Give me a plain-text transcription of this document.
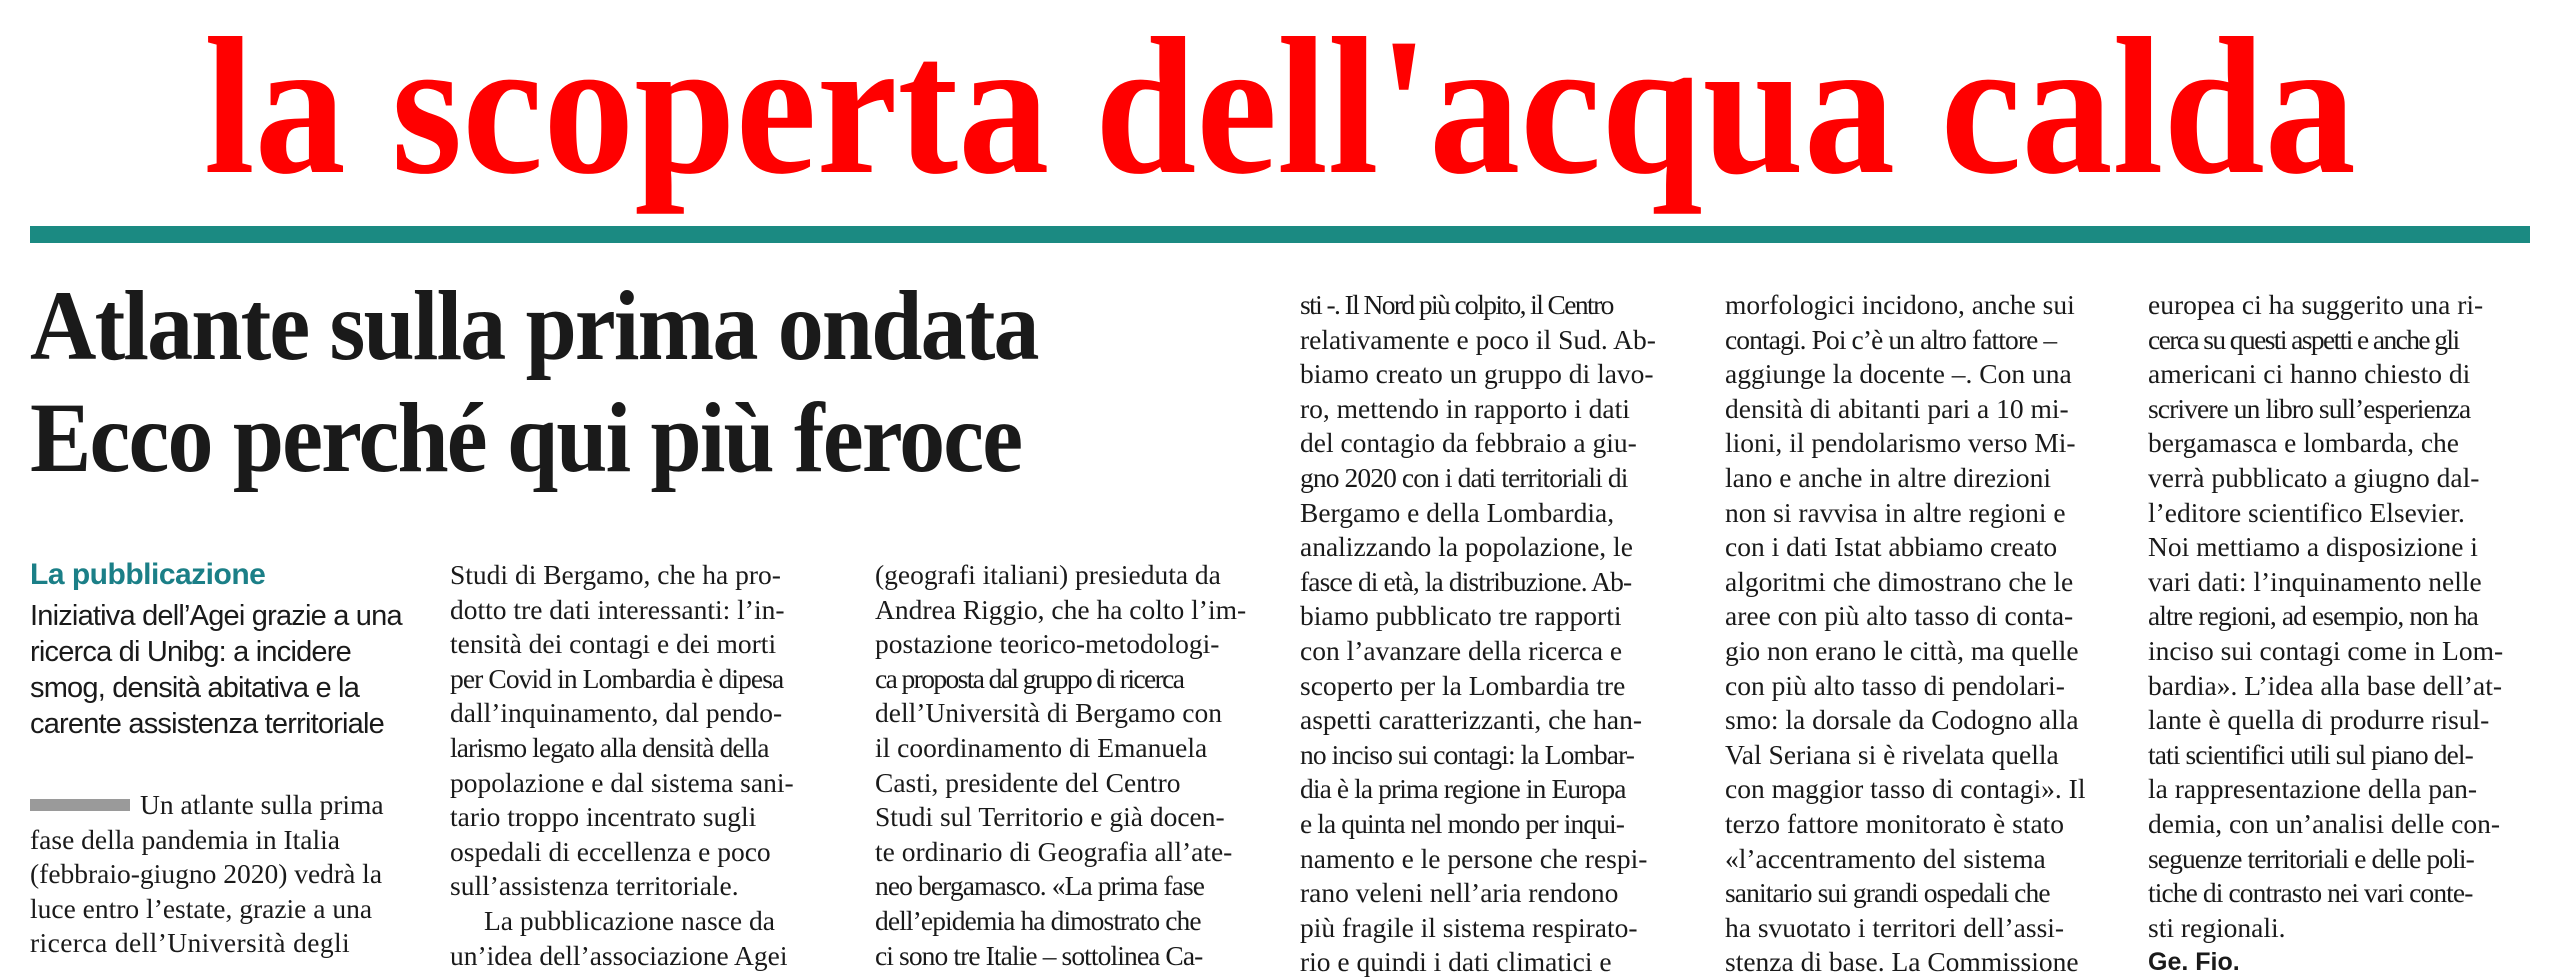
la scoperta dell'acqua calda
Atlante sulla prima ondata
Ecco perché qui più feroce
La pubblicazione
Iniziativa dell’Agei grazie a una
ricerca di Unibg: a incidere
smog, densità abitativa e la
carente assistenza territoriale
Un atlante sulla prima
fase della pandemia in Italia
(febbraio-giugno 2020) vedrà la
luce entro l’estate, grazie a una
ricerca dell’Università degli
Studi di Bergamo, che ha pro-
dotto tre dati interessanti: l’in-
tensità dei contagi e dei morti
per Covid in Lombardia è dipesa
dall’inquinamento, dal pendo-
larismo legato alla densità della
popolazione e dal sistema sani-
tario troppo incentrato sugli
ospedali di eccellenza e poco
sull’assistenza territoriale.
La pubblicazione nasce da
un’idea dell’associazione Agei
(geografi italiani) presieduta da
Andrea Riggio, che ha colto l’im-
postazione teorico-metodologi-
ca proposta dal gruppo di ricerca
dell’Università di Bergamo con
il coordinamento di Emanuela
Casti, presidente del Centro
Studi sul Territorio e già docen-
te ordinario di Geografia all’ate-
neo bergamasco. «La prima fase
dell’epidemia ha dimostrato che
ci sono tre Italie – sottolinea Ca-
sti -. Il Nord più colpito, il Centro
relativamente e poco il Sud. Ab-
biamo creato un gruppo di lavo-
ro, mettendo in rapporto i dati
del contagio da febbraio a giu-
gno 2020 con i dati territoriali di
Bergamo e della Lombardia,
analizzando la popolazione, le
fasce di età, la distribuzione. Ab-
biamo pubblicato tre rapporti
con l’avanzare della ricerca e
scoperto per la Lombardia tre
aspetti caratterizzanti, che han-
no inciso sui contagi: la Lombar-
dia è la prima regione in Europa
e la quinta nel mondo per inqui-
namento e le persone che respi-
rano veleni nell’aria rendono
più fragile il sistema respirato-
rio e quindi i dati climatici e
morfologici incidono, anche sui
contagi. Poi c’è un altro fattore –
aggiunge la docente –. Con una
densità di abitanti pari a 10 mi-
lioni, il pendolarismo verso Mi-
lano e anche in altre direzioni
non si ravvisa in altre regioni e
con i dati Istat abbiamo creato
algoritmi che dimostrano che le
aree con più alto tasso di conta-
gio non erano le città, ma quelle
con più alto tasso di pendolari-
smo: la dorsale da Codogno alla
Val Seriana si è rivelata quella
con maggior tasso di contagi». Il
terzo fattore monitorato è stato
«l’accentramento del sistema
sanitario sui grandi ospedali che
ha svuotato i territori dell’assi-
stenza di base. La Commissione
europea ci ha suggerito una ri-
cerca su questi aspetti e anche gli
americani ci hanno chiesto di
scrivere un libro sull’esperienza
bergamasca e lombarda, che
verrà pubblicato a giugno dal-
l’editore scientifico Elsevier.
Noi mettiamo a disposizione i
vari dati: l’inquinamento nelle
altre regioni, ad esempio, non ha
inciso sui contagi come in Lom-
bardia». L’idea alla base dell’at-
lante è quella di produrre risul-
tati scientifici utili sul piano del-
la rappresentazione della pan-
demia, con un’analisi delle con-
seguenze territoriali e delle poli-
tiche di contrasto nei vari conte-
sti regionali.
Ge. Fio.
